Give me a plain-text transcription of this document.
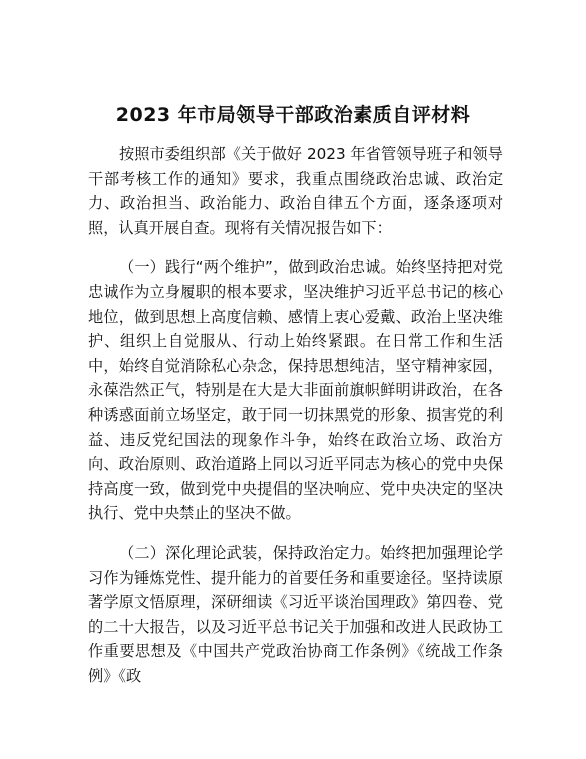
2023 年市局领导干部政治素质自评材料

按照市委组织部《关于做好 2023 年省管领导班子和领导干部考核工作的通知》要求，我重点围绕政治忠诚、政治定力、政治担当、政治能力、政治自律五个方面，逐条逐项对照，认真开展自查。现将有关情况报告如下：

（一）践行“两个维护”，做到政治忠诚。始终坚持把对党忠诚作为立身履职的根本要求，坚决维护习近平总书记的核心地位，做到思想上高度信赖、感情上衷心爱戴、政治上坚决维护、组织上自觉服从、行动上始终紧跟。在日常工作和生活中，始终自觉消除私心杂念，保持思想纯洁，坚守精神家园，永葆浩然正气，特别是在大是大非面前旗帜鲜明讲政治，在各种诱惑面前立场坚定，敢于同一切抹黑党的形象、损害党的利益、违反党纪国法的现象作斗争，始终在政治立场、政治方向、政治原则、政治道路上同以习近平同志为核心的党中央保持高度一致，做到党中央提倡的坚决响应、党中央决定的坚决执行、党中央禁止的坚决不做。

（二）深化理论武装，保持政治定力。始终把加强理论学习作为锤炼党性、提升能力的首要任务和重要途径。坚持读原著学原文悟原理，深研细读《习近平谈治国理政》第四卷、党的二十大报告，以及习近平总书记关于加强和改进人民政协工作重要思想及《中国共产党政治协商工作条例》《统战工作条例》《政
